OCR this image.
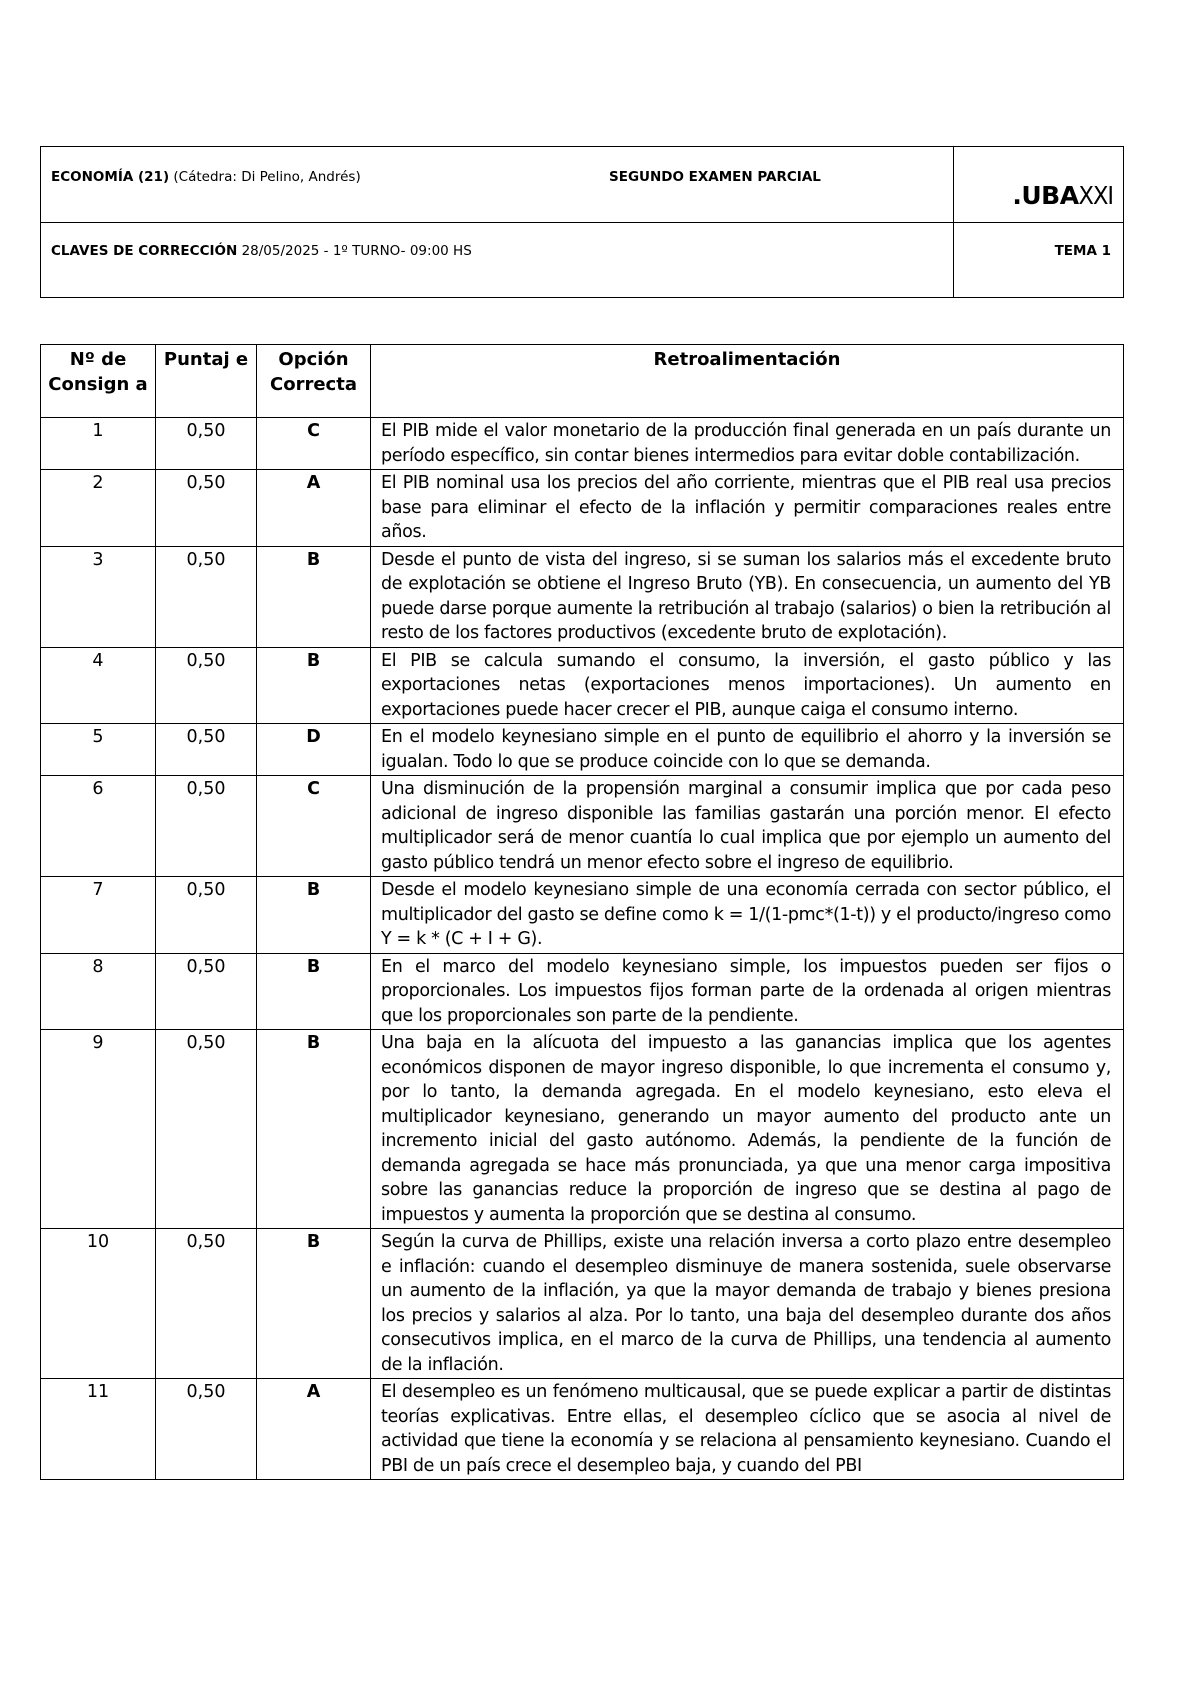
ECONOMÍA (21) (Cátedra: Di Pelino, Andrés) SEGUNDO EXAMEN PARCIAL	.UBAXXI

CLAVES DE CORRECCIÓN 28/05/2025 - 1º TURNO- 09:00 HS	TEMA 1
Nº de Consign a	Puntaj e	Opción Correcta	Retroalimentación
1	0,50	C	El PIB mide el valor monetario de la producción final generada en un país durante un período específico, sin contar bienes intermedios para evitar doble contabilización.
2	0,50	A	El PIB nominal usa los precios del año corriente, mientras que el PIB real usa precios base para eliminar el efecto de la inflación y permitir comparaciones reales entre años.
3	0,50	B	Desde el punto de vista del ingreso, si se suman los salarios más el excedente bruto de explotación se obtiene el Ingreso Bruto (YB). En consecuencia, un aumento del YB puede darse porque aumente la retribución al trabajo (salarios) o bien la retribución al resto de los factores productivos (excedente bruto de explotación).
4	0,50	B	El PIB se calcula sumando el consumo, la inversión, el gasto público y las exportaciones netas (exportaciones menos importaciones). Un aumento en exportaciones puede hacer crecer el PIB, aunque caiga el consumo interno.
5	0,50	D	En el modelo keynesiano simple en el punto de equilibrio el ahorro y la inversión se igualan. Todo lo que se produce coincide con lo que se demanda.
6	0,50	C	Una disminución de la propensión marginal a consumir implica que por cada peso adicional de ingreso disponible las familias gastarán una porción menor. El efecto multiplicador será de menor cuantía lo cual implica que por ejemplo un aumento del gasto público tendrá un menor efecto sobre el ingreso de equilibrio.
7	0,50	B	Desde el modelo keynesiano simple de una economía cerrada con sector público, el multiplicador del gasto se define como k = 1/(1-pmc*(1-t)) y el producto/ingreso como Y = k * (C + I + G).
8	0,50	B	En el marco del modelo keynesiano simple, los impuestos pueden ser fijos o proporcionales. Los impuestos fijos forman parte de la ordenada al origen mientras que los proporcionales son parte de la pendiente.
9	0,50	B	Una baja en la alícuota del impuesto a las ganancias implica que los agentes económicos disponen de mayor ingreso disponible, lo que incrementa el consumo y, por lo tanto, la demanda agregada. En el modelo keynesiano, esto eleva el multiplicador keynesiano, generando un mayor aumento del producto ante un incremento inicial del gasto autónomo. Además, la pendiente de la función de demanda agregada se hace más pronunciada, ya que una menor carga impositiva sobre las ganancias reduce la proporción de ingreso que se destina al pago de impuestos y aumenta la proporción que se destina al consumo.
10	0,50	B	Según la curva de Phillips, existe una relación inversa a corto plazo entre desempleo e inflación: cuando el desempleo disminuye de manera sostenida, suele observarse un aumento de la inflación, ya que la mayor demanda de trabajo y bienes presiona los precios y salarios al alza. Por lo tanto, una baja del desempleo durante dos años consecutivos implica, en el marco de la curva de Phillips, una tendencia al aumento de la inflación.
11	0,50	A	El desempleo es un fenómeno multicausal, que se puede explicar a partir de distintas teorías explicativas. Entre ellas, el desempleo cíclico que se asocia al nivel de actividad que tiene la economía y se relaciona al pensamiento keynesiano. Cuando el PBI de un país crece el desempleo baja, y cuando del PBI
